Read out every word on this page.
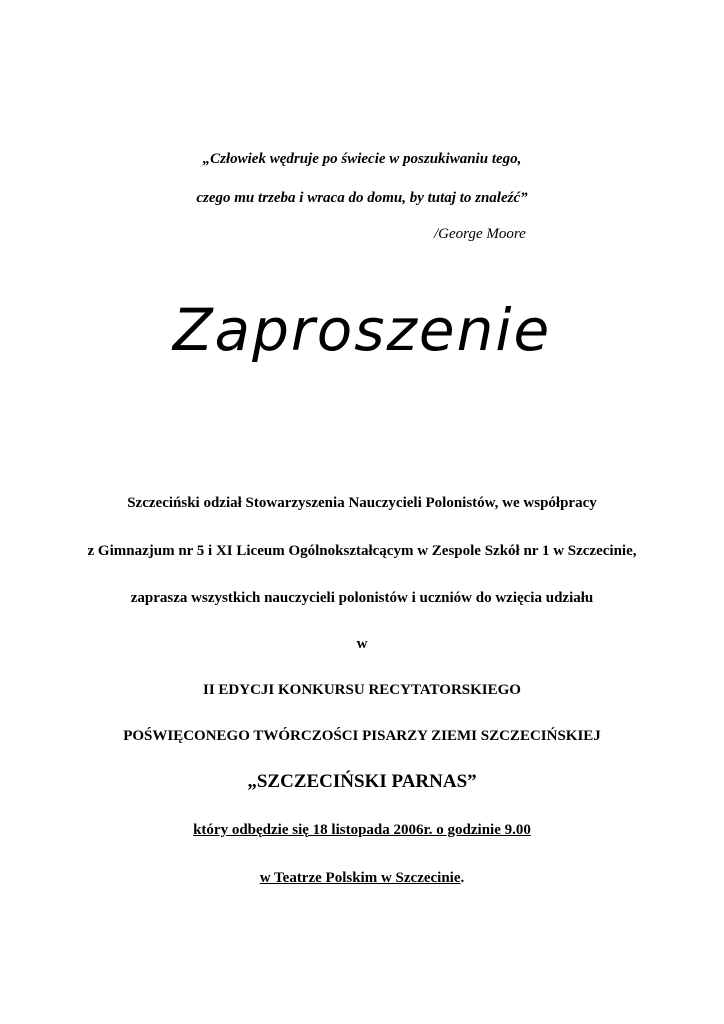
„Człowiek wędruje po świecie w poszukiwaniu tego,
czego mu trzeba i wraca do domu, by tutaj to znaleźć”
/George Moore
Zaproszenie
Szczeciński odział Stowarzyszenia Nauczycieli Polonistów, we współpracy
z Gimnazjum nr 5 i XI Liceum Ogólnokształcącym w Zespole Szkół nr 1 w Szczecinie,
zaprasza wszystkich nauczycieli polonistów i uczniów do wzięcia udziału
w
II EDYCJI KONKURSU RECYTATORSKIEGO
POŚWIĘCONEGO TWÓRCZOŚCI PISARZY ZIEMI SZCZECIŃSKIEJ
„SZCZECIŃSKI PARNAS”
który odbędzie się 18 listopada 2006r. o godzinie 9.00
w Teatrze Polskim w Szczecinie.
